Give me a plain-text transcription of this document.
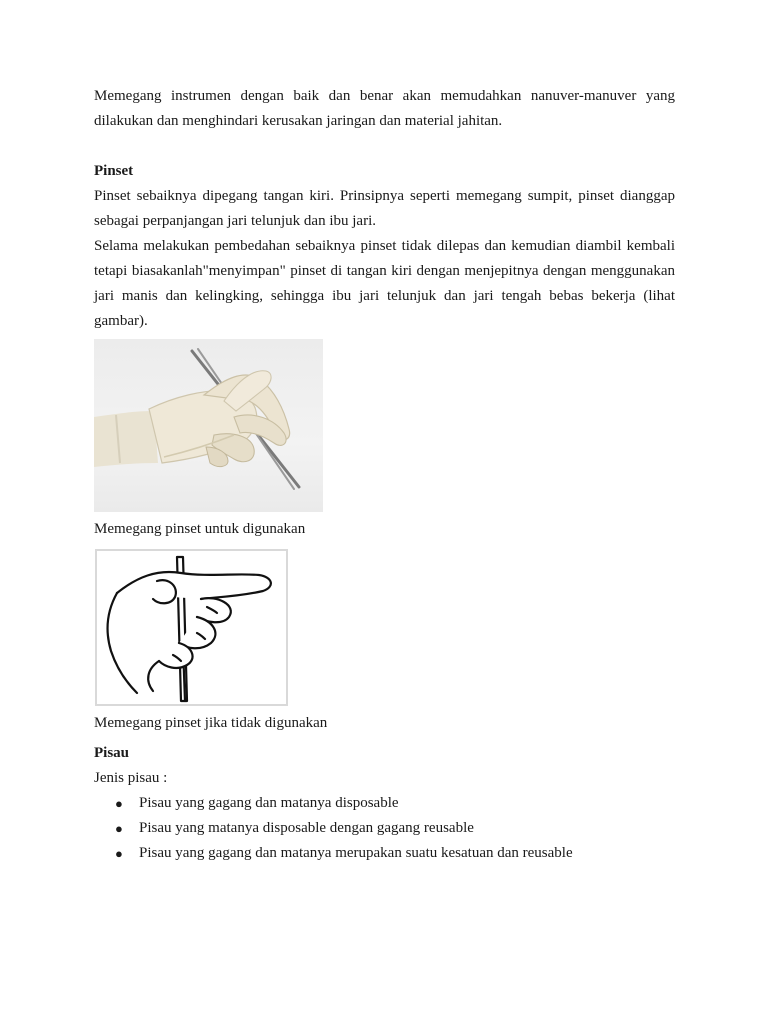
Memegang instrumen dengan baik dan benar akan memudahkan nanuver-manuver yang dilakukan dan menghindari kerusakan jaringan dan material jahitan.

Pinset

Pinset sebaiknya dipegang tangan kiri. Prinsipnya seperti memegang sumpit, pinset dianggap sebagai perpanjangan jari telunjuk dan ibu jari.

Selama melakukan pembedahan sebaiknya pinset tidak dilepas dan kemudian diambil kembali tetapi biasakanlah"menyimpan" pinset di tangan kiri dengan menjepitnya dengan menggunakan jari manis dan kelingking, sehingga ibu jari telunjuk dan jari tengah bebas bekerja (lihat gambar).

Memegang pinset untuk digunakan

Memegang pinset jika tidak digunakan

Pisau

Jenis pisau :

● Pisau yang gagang dan matanya disposable
● Pisau yang matanya disposable dengan gagang reusable
● Pisau yang gagang dan matanya merupakan suatu kesatuan dan reusable
